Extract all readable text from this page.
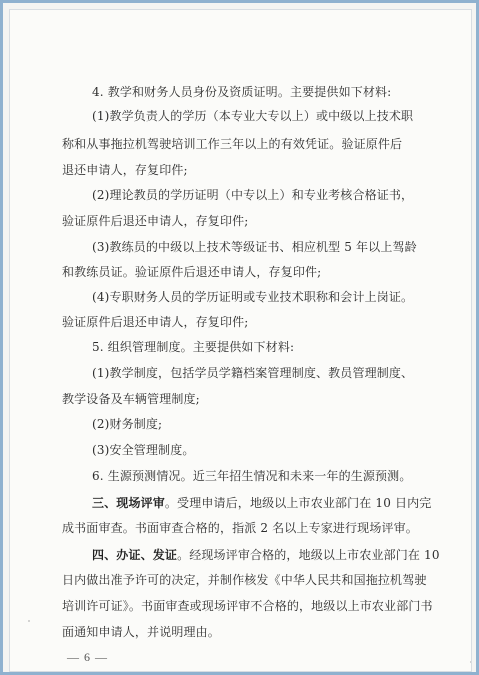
4. 教学和财务人员身份及资质证明。主要提供如下材料:
(1)教学负责人的学历（本专业大专以上）或中级以上技术职
称和从事拖拉机驾驶培训工作三年以上的有效凭证。验证原件后
退还申请人，存复印件;
(2)理论教员的学历证明（中专以上）和专业考核合格证书，
验证原件后退还申请人，存复印件;
(3)教练员的中级以上技术等级证书、相应机型 5 年以上驾龄
和教练员证。验证原件后退还申请人，存复印件;
(4)专职财务人员的学历证明或专业技术职称和会计上岗证。
验证原件后退还申请人，存复印件;
5. 组织管理制度。主要提供如下材料:
(1)教学制度，包括学员学籍档案管理制度、教员管理制度、
教学设备及车辆管理制度;
(2)财务制度;
(3)安全管理制度。
6. 生源预测情况。近三年招生情况和未来一年的生源预测。
三、现场评审。受理申请后，地级以上市农业部门在 10 日内完
成书面审查。书面审查合格的，指派 2 名以上专家进行现场评审。
四、办证、发证。经现场评审合格的，地级以上市农业部门在 10
日内做出准予许可的决定，并制作核发《中华人民共和国拖拉机驾驶
培训许可证》。书面审查或现场评审不合格的，地级以上市农业部门书
面通知申请人，并说明理由。
— 6 —
